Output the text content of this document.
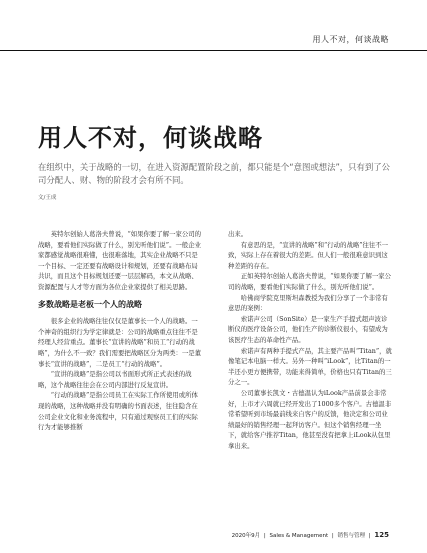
用人不对，何谈战略
用人不对，何谈战略
在组织中，关于战略的一切，在进入资源配置阶段之前，都只能是个“意图或想法”，只有到了公司分配人、财、物的阶段才会有所不同。
文/王成

英特尔创始人葛洛夫曾说，“如果你要了解一家公司的战略，要看他们实际做了什么，别光听他们说”。一般企业家都感觉战略很难懂，也很难落地，其实企业战略不只是一个目标、一定还要有战略设计和规划，还要有战略布局共识，而且这个目标规划还要一层层解码，本文从战略、资源配置与人才等方面为各位企业家提供了相关思路。

多数战略是老板一个人的战略

很多企业的战略往往仅仅是董事长一个人的战略。一个神奇的组织行为学定律就是：公司的战略重点往往不是经理人经营重点。董事长“宣讲的战略”和员工“行动的战略”，为什么不一致？我们需要把战略区分为两类：一是董事长“宣讲的战略”，二是员工“行动的战略”。

“宣讲的战略”是指公司以书面形式所正式表述的战略，这个战略往往会在公司内部进行反复宣讲。

“行动的战略”是指公司员工在实际工作所使用或所体现的战略，这种战略并没有明确的书面表述，往往隐含在公司企业文化和业务流程中，只有通过观察员工们的实际行为才能够推断

出来。

有意思的是，“宣讲的战略”和“行动的战略”往往不一致，实际上存在着很大的差距。但人们一般很难意识到这种差距的存在。

正如英特尔创始人葛洛夫曾说，“如果你要了解一家公司的战略，要看他们实际做了什么，别光听他们说”。

哈佛商学院克里斯坦森教授为我们分享了一个非常有意思的案例：

索诺声公司（SonSite）是一家生产手提式超声波诊断仪的医疗设备公司，他们生产的诊断仪很小，有望成为该医疗生态的革命性产品。

索诺声有两种手提式产品，其主要产品叫“Titan”，就像笔记本电脑一样大。另外一种叫“iLook”，比Titan的一半还小更方便携带，功能来得简单，价格也只有Titan的三分之一。

公司董事长凯文・古德温认为iLook产品前景会非常好，上市才六周就已经开发出了1000多个客户。古德温非常希望听到市场最前线来自客户的反馈，他决定和公司业绩最好的销售经理一起拜访客户。但这个销售经理一坐下，就给客户推荐Titan，他甚至没有把拿上iLook从包里拿出来。

2020年9月 | Sales & Management | 销售与管理 | 125
